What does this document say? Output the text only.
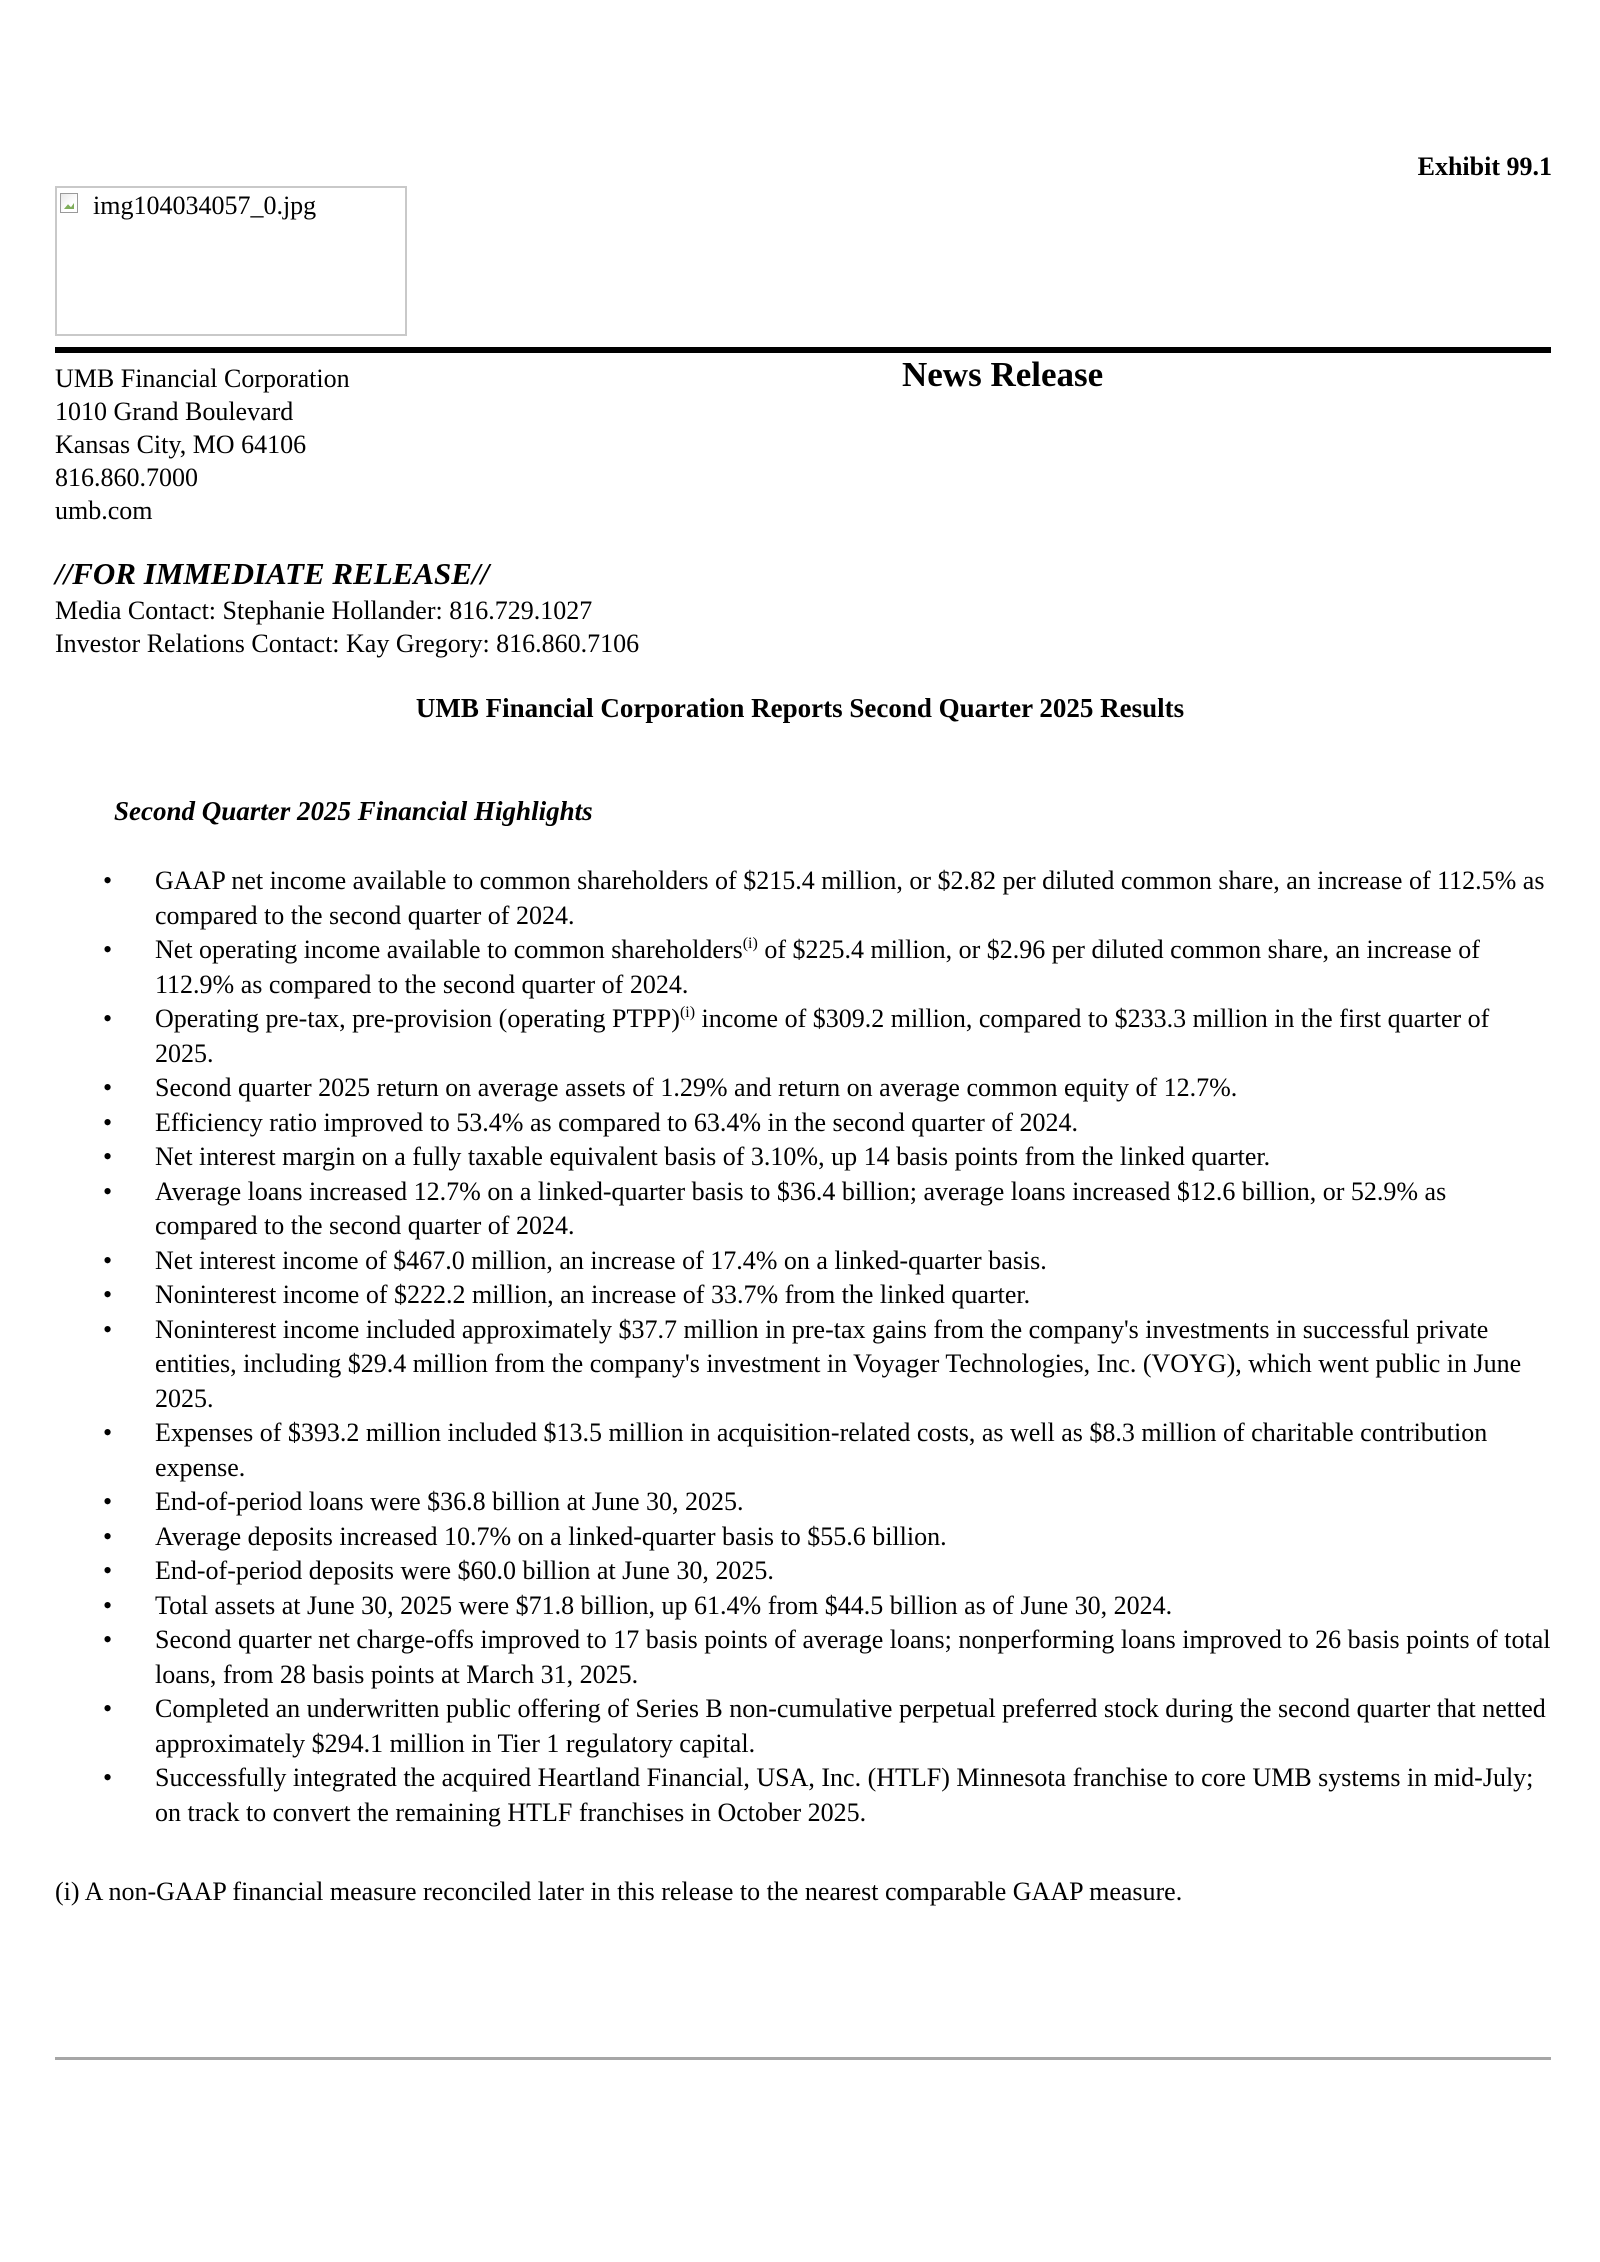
Exhibit 99.1
img104034057_0.jpg
UMB Financial Corporation
1010 Grand Boulevard
Kansas City, MO 64106
816.860.7000
umb.com
News Release
//FOR IMMEDIATE RELEASE//
Media Contact: Stephanie Hollander: 816.729.1027
Investor Relations Contact: Kay Gregory: 816.860.7106
UMB Financial Corporation Reports Second Quarter 2025 Results
Second Quarter 2025 Financial Highlights
• GAAP net income available to common shareholders of $215.4 million, or $2.82 per diluted common share, an increase of 112.5% as compared to the second quarter of 2024.
• Net operating income available to common shareholders$^{(i)}$ of $225.4 million, or $2.96 per diluted common share, an increase of 112.9% as compared to the second quarter of 2024.
• Operating pre-tax, pre-provision (operating PTPP)$^{(i)}$ income of $309.2 million, compared to $233.3 million in the first quarter of 2025.
• Second quarter 2025 return on average assets of 1.29% and return on average common equity of 12.7%.
• Efficiency ratio improved to 53.4% as compared to 63.4% in the second quarter of 2024.
• Net interest margin on a fully taxable equivalent basis of 3.10%, up 14 basis points from the linked quarter.
• Average loans increased 12.7% on a linked-quarter basis to $36.4 billion; average loans increased $12.6 billion, or 52.9% as compared to the second quarter of 2024.
• Net interest income of $467.0 million, an increase of 17.4% on a linked-quarter basis.
• Noninterest income of $222.2 million, an increase of 33.7% from the linked quarter.
• Noninterest income included approximately $37.7 million in pre-tax gains from the company's investments in successful private entities, including $29.4 million from the company's investment in Voyager Technologies, Inc. (VOYG), which went public in June 2025.
• Expenses of $393.2 million included $13.5 million in acquisition-related costs, as well as $8.3 million of charitable contribution expense.
• End-of-period loans were $36.8 billion at June 30, 2025.
• Average deposits increased 10.7% on a linked-quarter basis to $55.6 billion.
• End-of-period deposits were $60.0 billion at June 30, 2025.
• Total assets at June 30, 2025 were $71.8 billion, up 61.4% from $44.5 billion as of June 30, 2024.
• Second quarter net charge-offs improved to 17 basis points of average loans; nonperforming loans improved to 26 basis points of total loans, from 28 basis points at March 31, 2025.
• Completed an underwritten public offering of Series B non-cumulative perpetual preferred stock during the second quarter that netted approximately $294.1 million in Tier 1 regulatory capital.
• Successfully integrated the acquired Heartland Financial, USA, Inc. (HTLF) Minnesota franchise to core UMB systems in mid-July; on track to convert the remaining HTLF franchises in October 2025.
(i) A non-GAAP financial measure reconciled later in this release to the nearest comparable GAAP measure.
